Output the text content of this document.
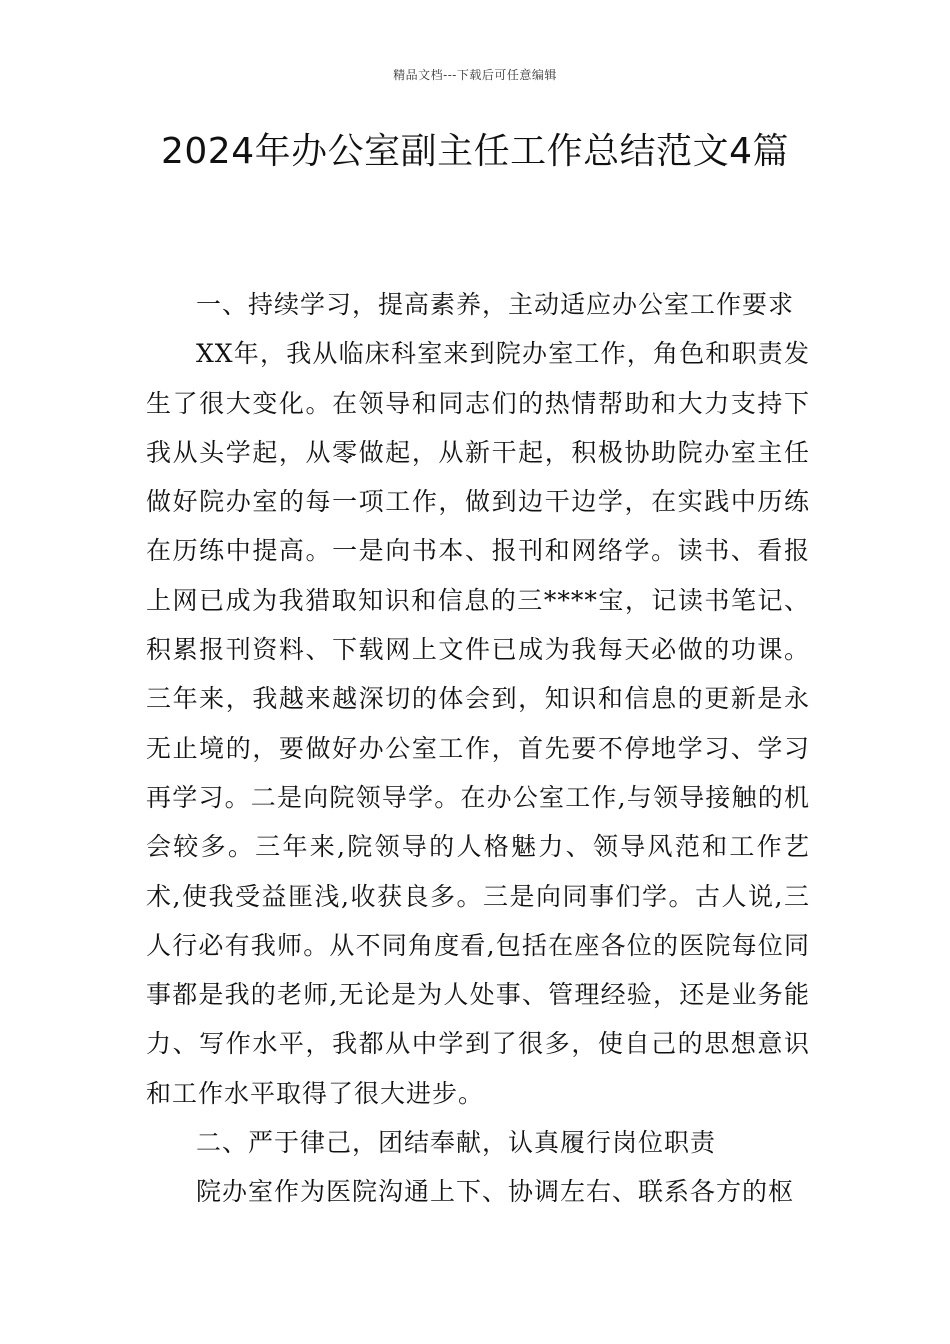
精品文档---下载后可任意编辑
2024年办公室副主任工作总结范文4篇

一、持续学习，提高素养，主动适应办公室工作要求

XX年，我从临床科室来到院办室工作，角色和职责发生了很大变化。在领导和同志们的热情帮助和大力支持下我从头学起，从零做起，从新干起，积极协助院办室主任做好院办室的每一项工作，做到边干边学，在实践中历练在历练中提高。一是向书本、报刊和网络学。读书、看报上网已成为我猎取知识和信息的三****宝，记读书笔记、积累报刊资料、下载网上文件已成为我每天必做的功课。三年来，我越来越深切的体会到，知识和信息的更新是永无止境的，要做好办公室工作，首先要不停地学习、学习再学习。二是向院领导学。在办公室工作,与领导接触的机会较多。三年来,院领导的人格魅力、领导风范和工作艺术,使我受益匪浅,收获良多。三是向同事们学。古人说,三人行必有我师。从不同角度看,包括在座各位的医院每位同事都是我的老师,无论是为人处事、管理经验，还是业务能力、写作水平，我都从中学到了很多，使自己的思想意识和工作水平取得了很大进步。

二、严于律己，团结奉献，认真履行岗位职责

院办室作为医院沟通上下、协调左右、联系各方的枢
